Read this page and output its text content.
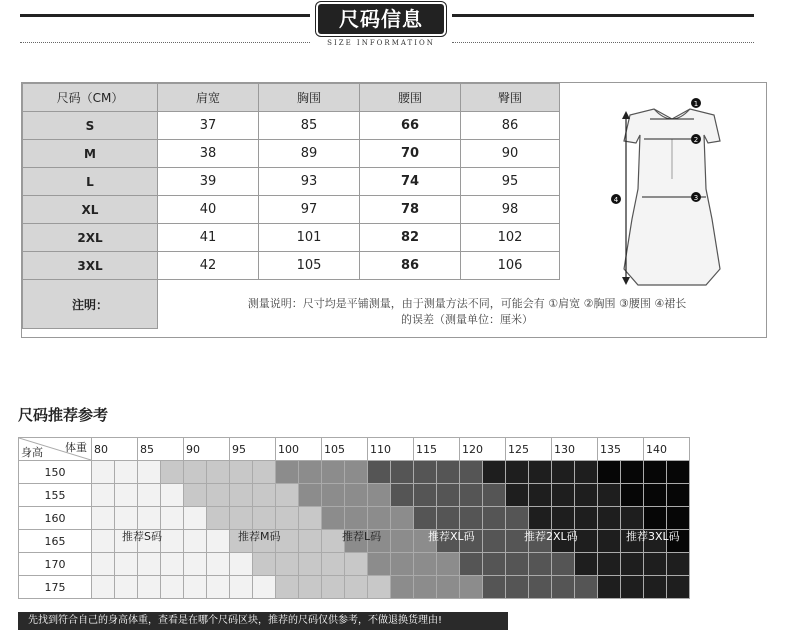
尺码信息
SIZE INFORMATION
尺码（CM）	肩宽	胸围	腰围	臀围
S	37	85	66	86
M	38	89	70	90
L	39	93	74	95
XL	40	97	78	98
2XL	41	101	82	102
3XL	42	105	86	106
注明：					测量说明：尺寸均是平铺测量，由于测量方法不同，可能会有 ①肩宽 ②胸围 ③腰围 ④裙长
的误差（测量单位：厘米）
1
2
3
4
尺码推荐参考
体重
身高	80		85		90		95		100		105		110		115		120		125		130		135		140	
150																										
155																										
160																										
165																										
170																										
175																										
推荐S码	推荐M码	推荐L码	推荐XL码	推荐2XL码	推荐3XL码
先找到符合自己的身高体重，查看是在哪个尺码区块，推荐的尺码仅供参考，不做退换货理由!
